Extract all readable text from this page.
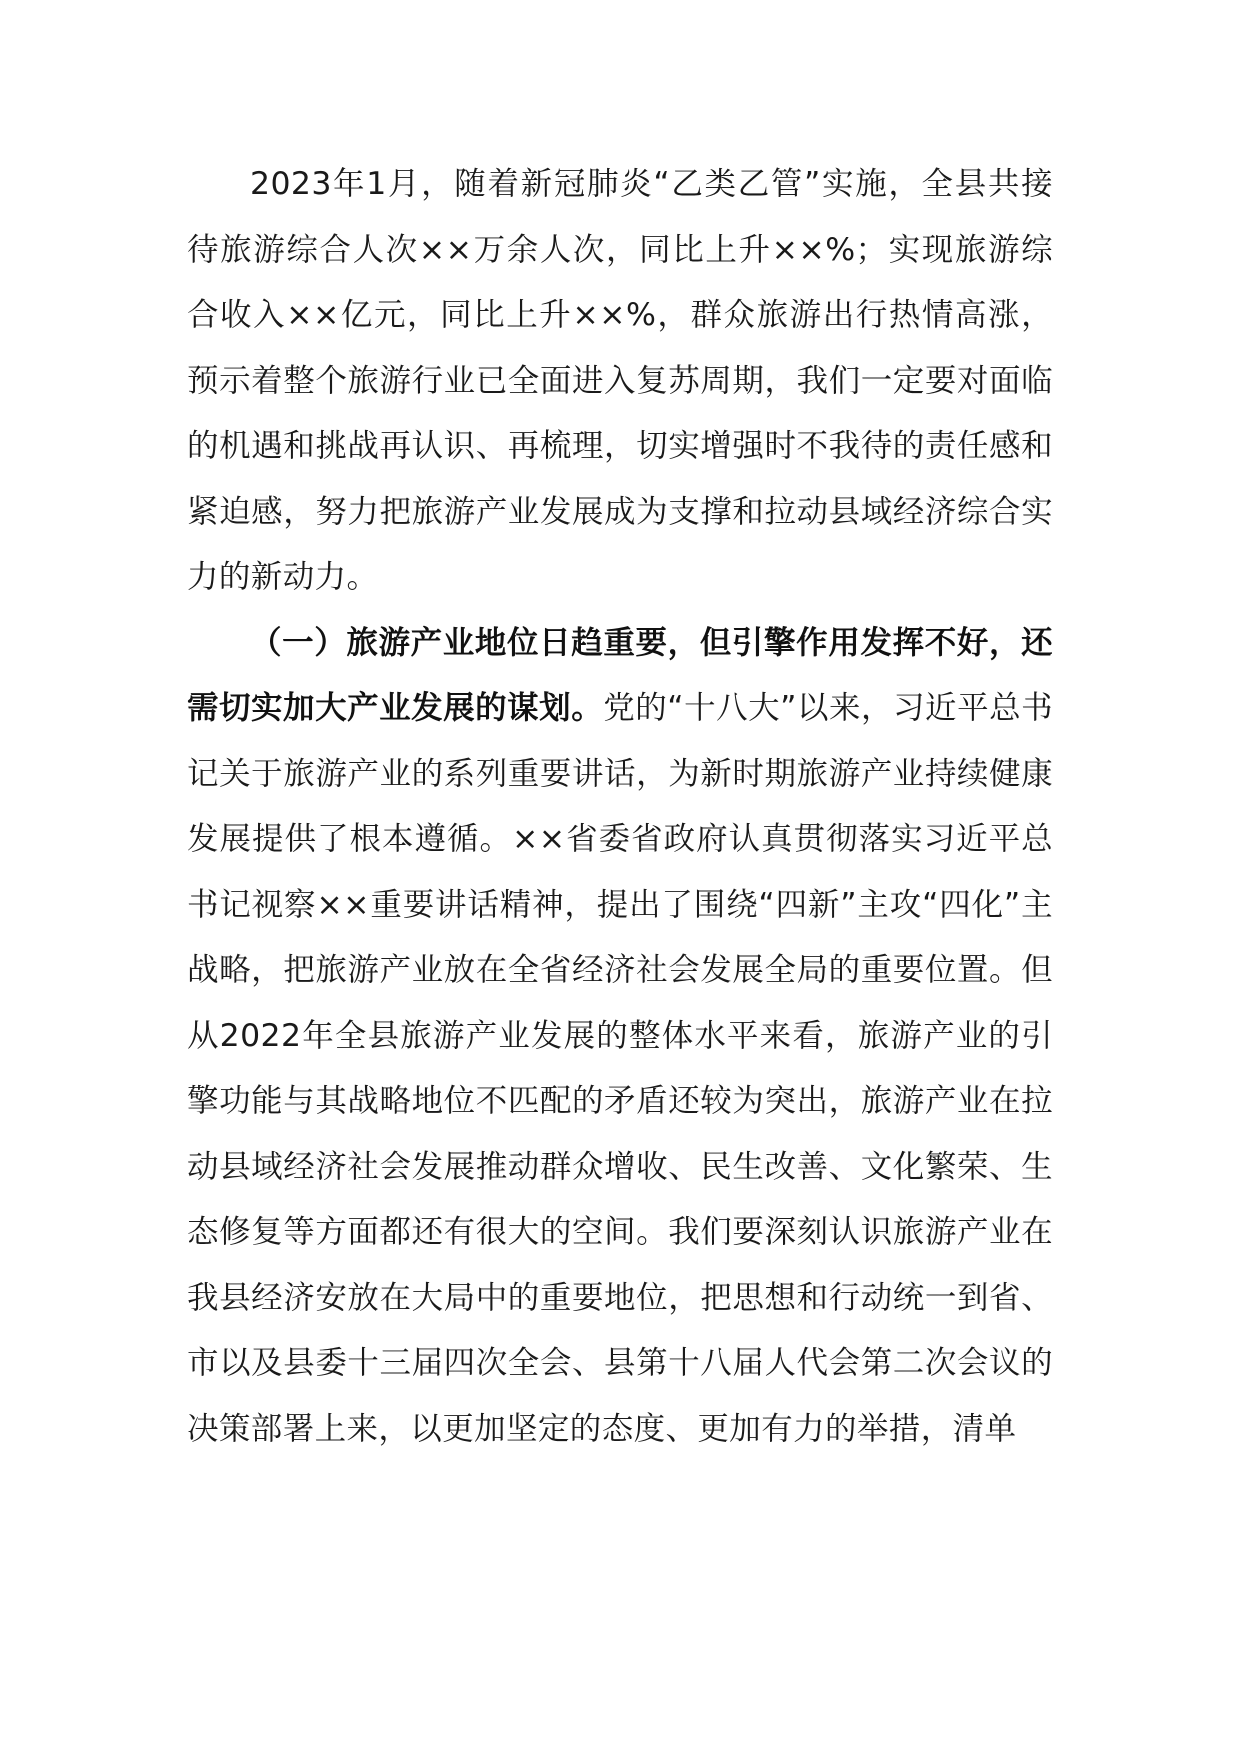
2023年1月，随着新冠肺炎“乙类乙管”实施，全县共接待旅游综合人次××万余人次，同比上升××%；实现旅游综合收入××亿元，同比上升××%，群众旅游出行热情高涨，预示着整个旅游行业已全面进入复苏周期，我们一定要对面临的机遇和挑战再认识、再梳理，切实增强时不我待的责任感和紧迫感，努力把旅游产业发展成为支撑和拉动县域经济综合实力的新动力。

（一）旅游产业地位日趋重要，但引擎作用发挥不好，还需切实加大产业发展的谋划。党的“十八大”以来，习近平总书记关于旅游产业的系列重要讲话，为新时期旅游产业持续健康发展提供了根本遵循。××省委省政府认真贯彻落实习近平总书记视察××重要讲话精神，提出了围绕“四新”主攻“四化”主战略，把旅游产业放在全省经济社会发展全局的重要位置。但从2022年全县旅游产业发展的整体水平来看，旅游产业的引擎功能与其战略地位不匹配的矛盾还较为突出，旅游产业在拉动县域经济社会发展推动群众增收、民生改善、文化繁荣、生态修复等方面都还有很大的空间。我们要深刻认识旅游产业在我县经济安放在大局中的重要地位，把思想和行动统一到省、市以及县委十三届四次全会、县第十八届人代会第二次会议的决策部署上来，以更加坚定的态度、更加有力的举措，清单
